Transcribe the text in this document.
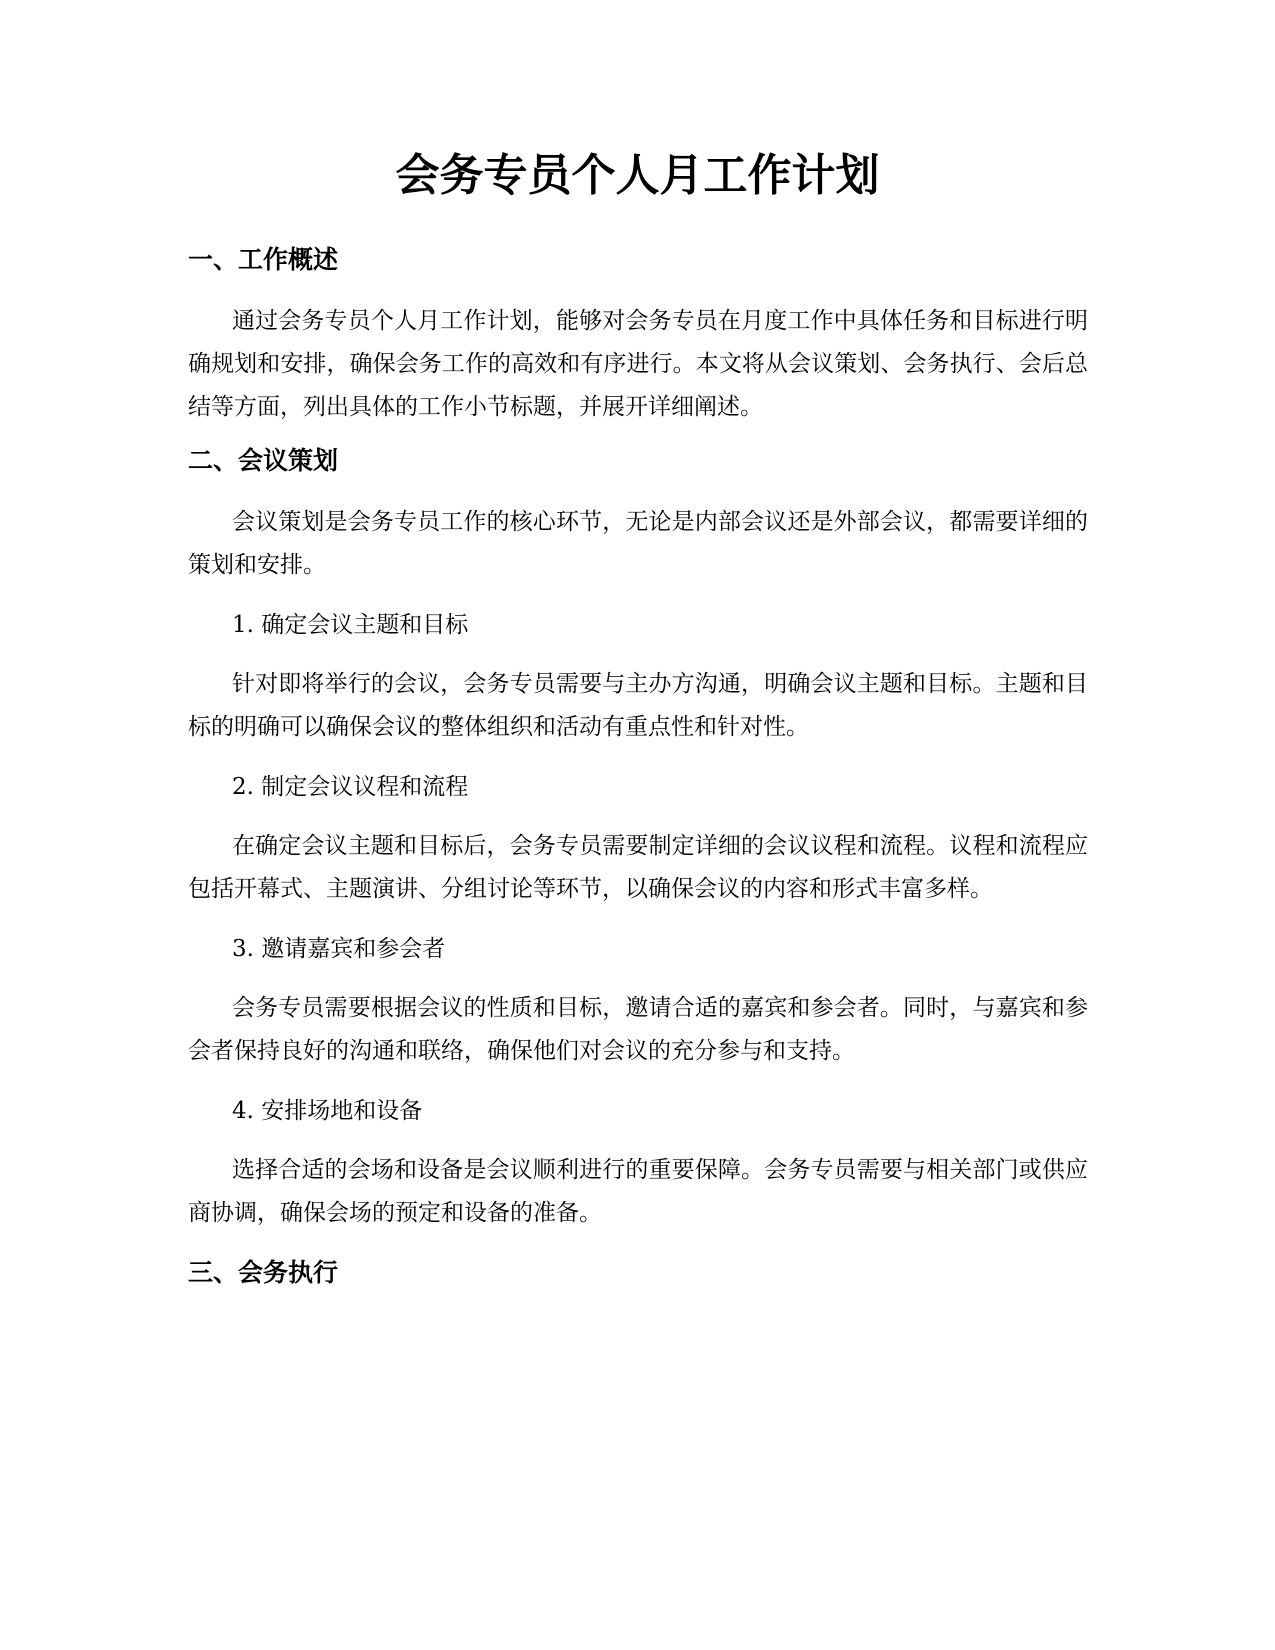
会务专员个人月工作计划
一、工作概述

通过会务专员个人月工作计划，能够对会务专员在月度工作中具体任务和目标进行明确规划和安排，确保会务工作的高效和有序进行。本文将从会议策划、会务执行、会后总结等方面，列出具体的工作小节标题，并展开详细阐述。

二、会议策划

会议策划是会务专员工作的核心环节，无论是内部会议还是外部会议，都需要详细的策划和安排。

1. 确定会议主题和目标

针对即将举行的会议，会务专员需要与主办方沟通，明确会议主题和目标。主题和目标的明确可以确保会议的整体组织和活动有重点性和针对性。

2. 制定会议议程和流程

在确定会议主题和目标后，会务专员需要制定详细的会议议程和流程。议程和流程应包括开幕式、主题演讲、分组讨论等环节，以确保会议的内容和形式丰富多样。

3. 邀请嘉宾和参会者

会务专员需要根据会议的性质和目标，邀请合适的嘉宾和参会者。同时，与嘉宾和参会者保持良好的沟通和联络，确保他们对会议的充分参与和支持。

4. 安排场地和设备

选择合适的会场和设备是会议顺利进行的重要保障。会务专员需要与相关部门或供应商协调，确保会场的预定和设备的准备。

三、会务执行
